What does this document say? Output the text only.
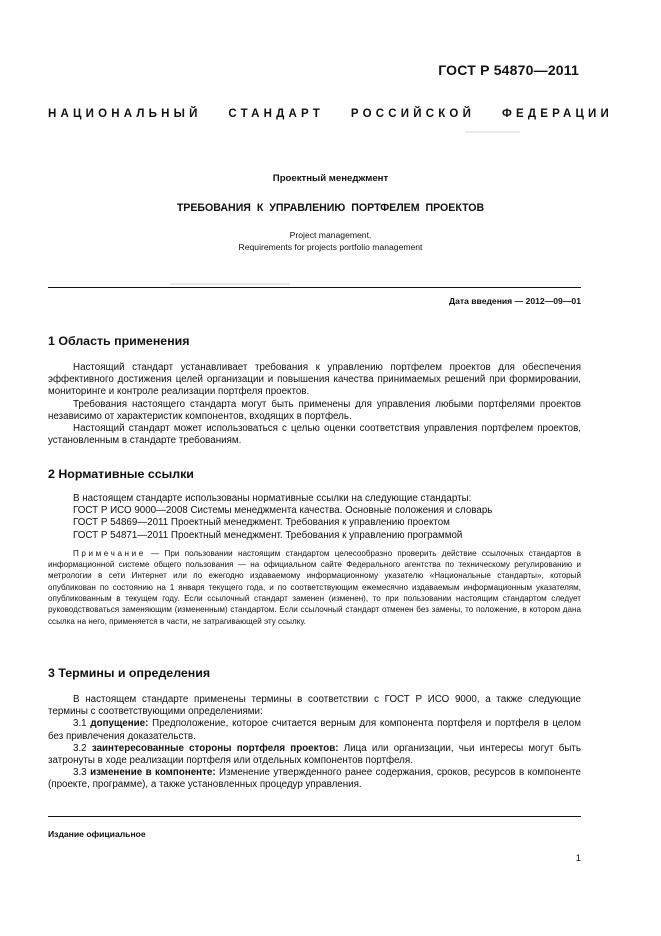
ГОСТ Р 54870—2011
НАЦИОНАЛЬНЫЙ СТАНДАРТ РОССИЙСКОЙ ФЕДЕРАЦИИ
Проектный менеджмент
ТРЕБОВАНИЯ К УПРАВЛЕНИЮ ПОРТФЕЛЕМ ПРОЕКТОВ
Project management.
Requirements for projects portfolio management
Дата введения — 2012—09—01

1 Область применения

Настоящий стандарт устанавливает требования к управлению портфелем проектов для обеспечения эффективного достижения целей организации и повышения качества принимаемых решений при формировании, мониторинге и контроле реализации портфеля проектов.

Требования настоящего стандарта могут быть применены для управления любыми портфелями проектов независимо от характеристик компонентов, входящих в портфель.

Настоящий стандарт может использоваться с целью оценки соответствия управления портфелем проектов, установленным в стандарте требованиям.

2 Нормативные ссылки

В настоящем стандарте использованы нормативные ссылки на следующие стандарты:

ГОСТ Р ИСО 9000—2008 Системы менеджмента качества. Основные положения и словарь

ГОСТ Р 54869—2011 Проектный менеджмент. Требования к управлению проектом

ГОСТ Р 54871—2011 Проектный менеджмент. Требования к управлению программой

Примечание — При пользовании настоящим стандартом целесообразно проверить действие ссылочных стандартов в информационной системе общего пользования — на официальном сайте Федерального агентства по техническому регулированию и метрологии в сети Интернет или по ежегодно издаваемому информационному указателю «Национальные стандарты», который опубликован по состоянию на 1 января текущего года, и по соответствующим ежемесячно издаваемым информационным указателям, опубликованным в текущем году. Если ссылочный стандарт заменен (изменен), то при пользовании настоящим стандартом следует руководствоваться заменяющим (измененным) стандартом. Если ссылочный стандарт отменен без замены, то положение, в котором дана ссылка на него, применяется в части, не затрагивающей эту ссылку.

3 Термины и определения

В настоящем стандарте применены термины в соответствии с ГОСТ Р ИСО 9000, а также следующие термины с соответствующими определениями:

3.1 допущение: Предположение, которое считается верным для компонента портфеля и портфеля в целом без привлечения доказательств.

3.2 заинтересованные стороны портфеля проектов: Лица или организации, чьи интересы могут быть затронуты в ходе реализации портфеля или отдельных компонентов портфеля.

3.3 изменение в компоненте: Изменение утвержденного ранее содержания, сроков, ресурсов в компоненте (проекте, программе), а также установленных процедур управления.

Издание официальное
1
